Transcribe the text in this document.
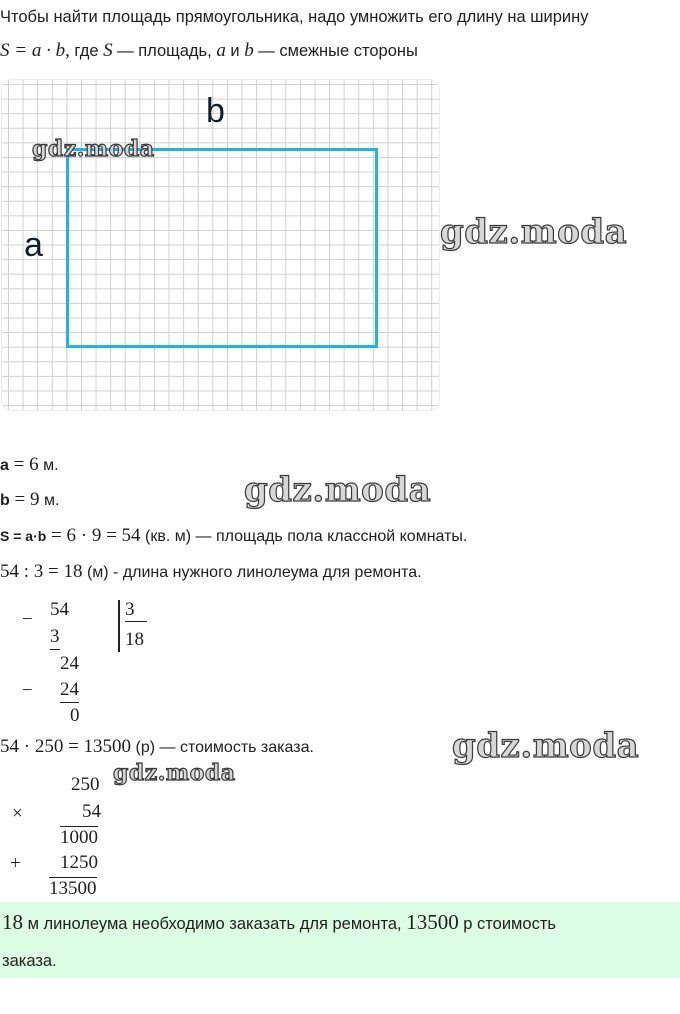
Чтобы найти площадь прямоугольника, надо умножить его длину на ширину
S = a · b, где S — площадь, a и b — смежные стороны
b
a
gdz.moda
gdz.moda
gdz.moda
gdz.moda
gdz.moda
a = 6 м.
b = 9 м.
S = a·b = 6 · 9 = 54 (кв. м) — площадь пола классной комнаты.
54 : 3 = 18 (м) - длина нужного линолеума для ремонта.
− 54
3
3
18
24
− 24
0
54 · 250 = 13500 (р) — стоимость заказа.
250
×	54
1000
+ 1250
13500

18 м линолеума необходимо заказать для ремонта, 13500 р стоимость

заказа.
